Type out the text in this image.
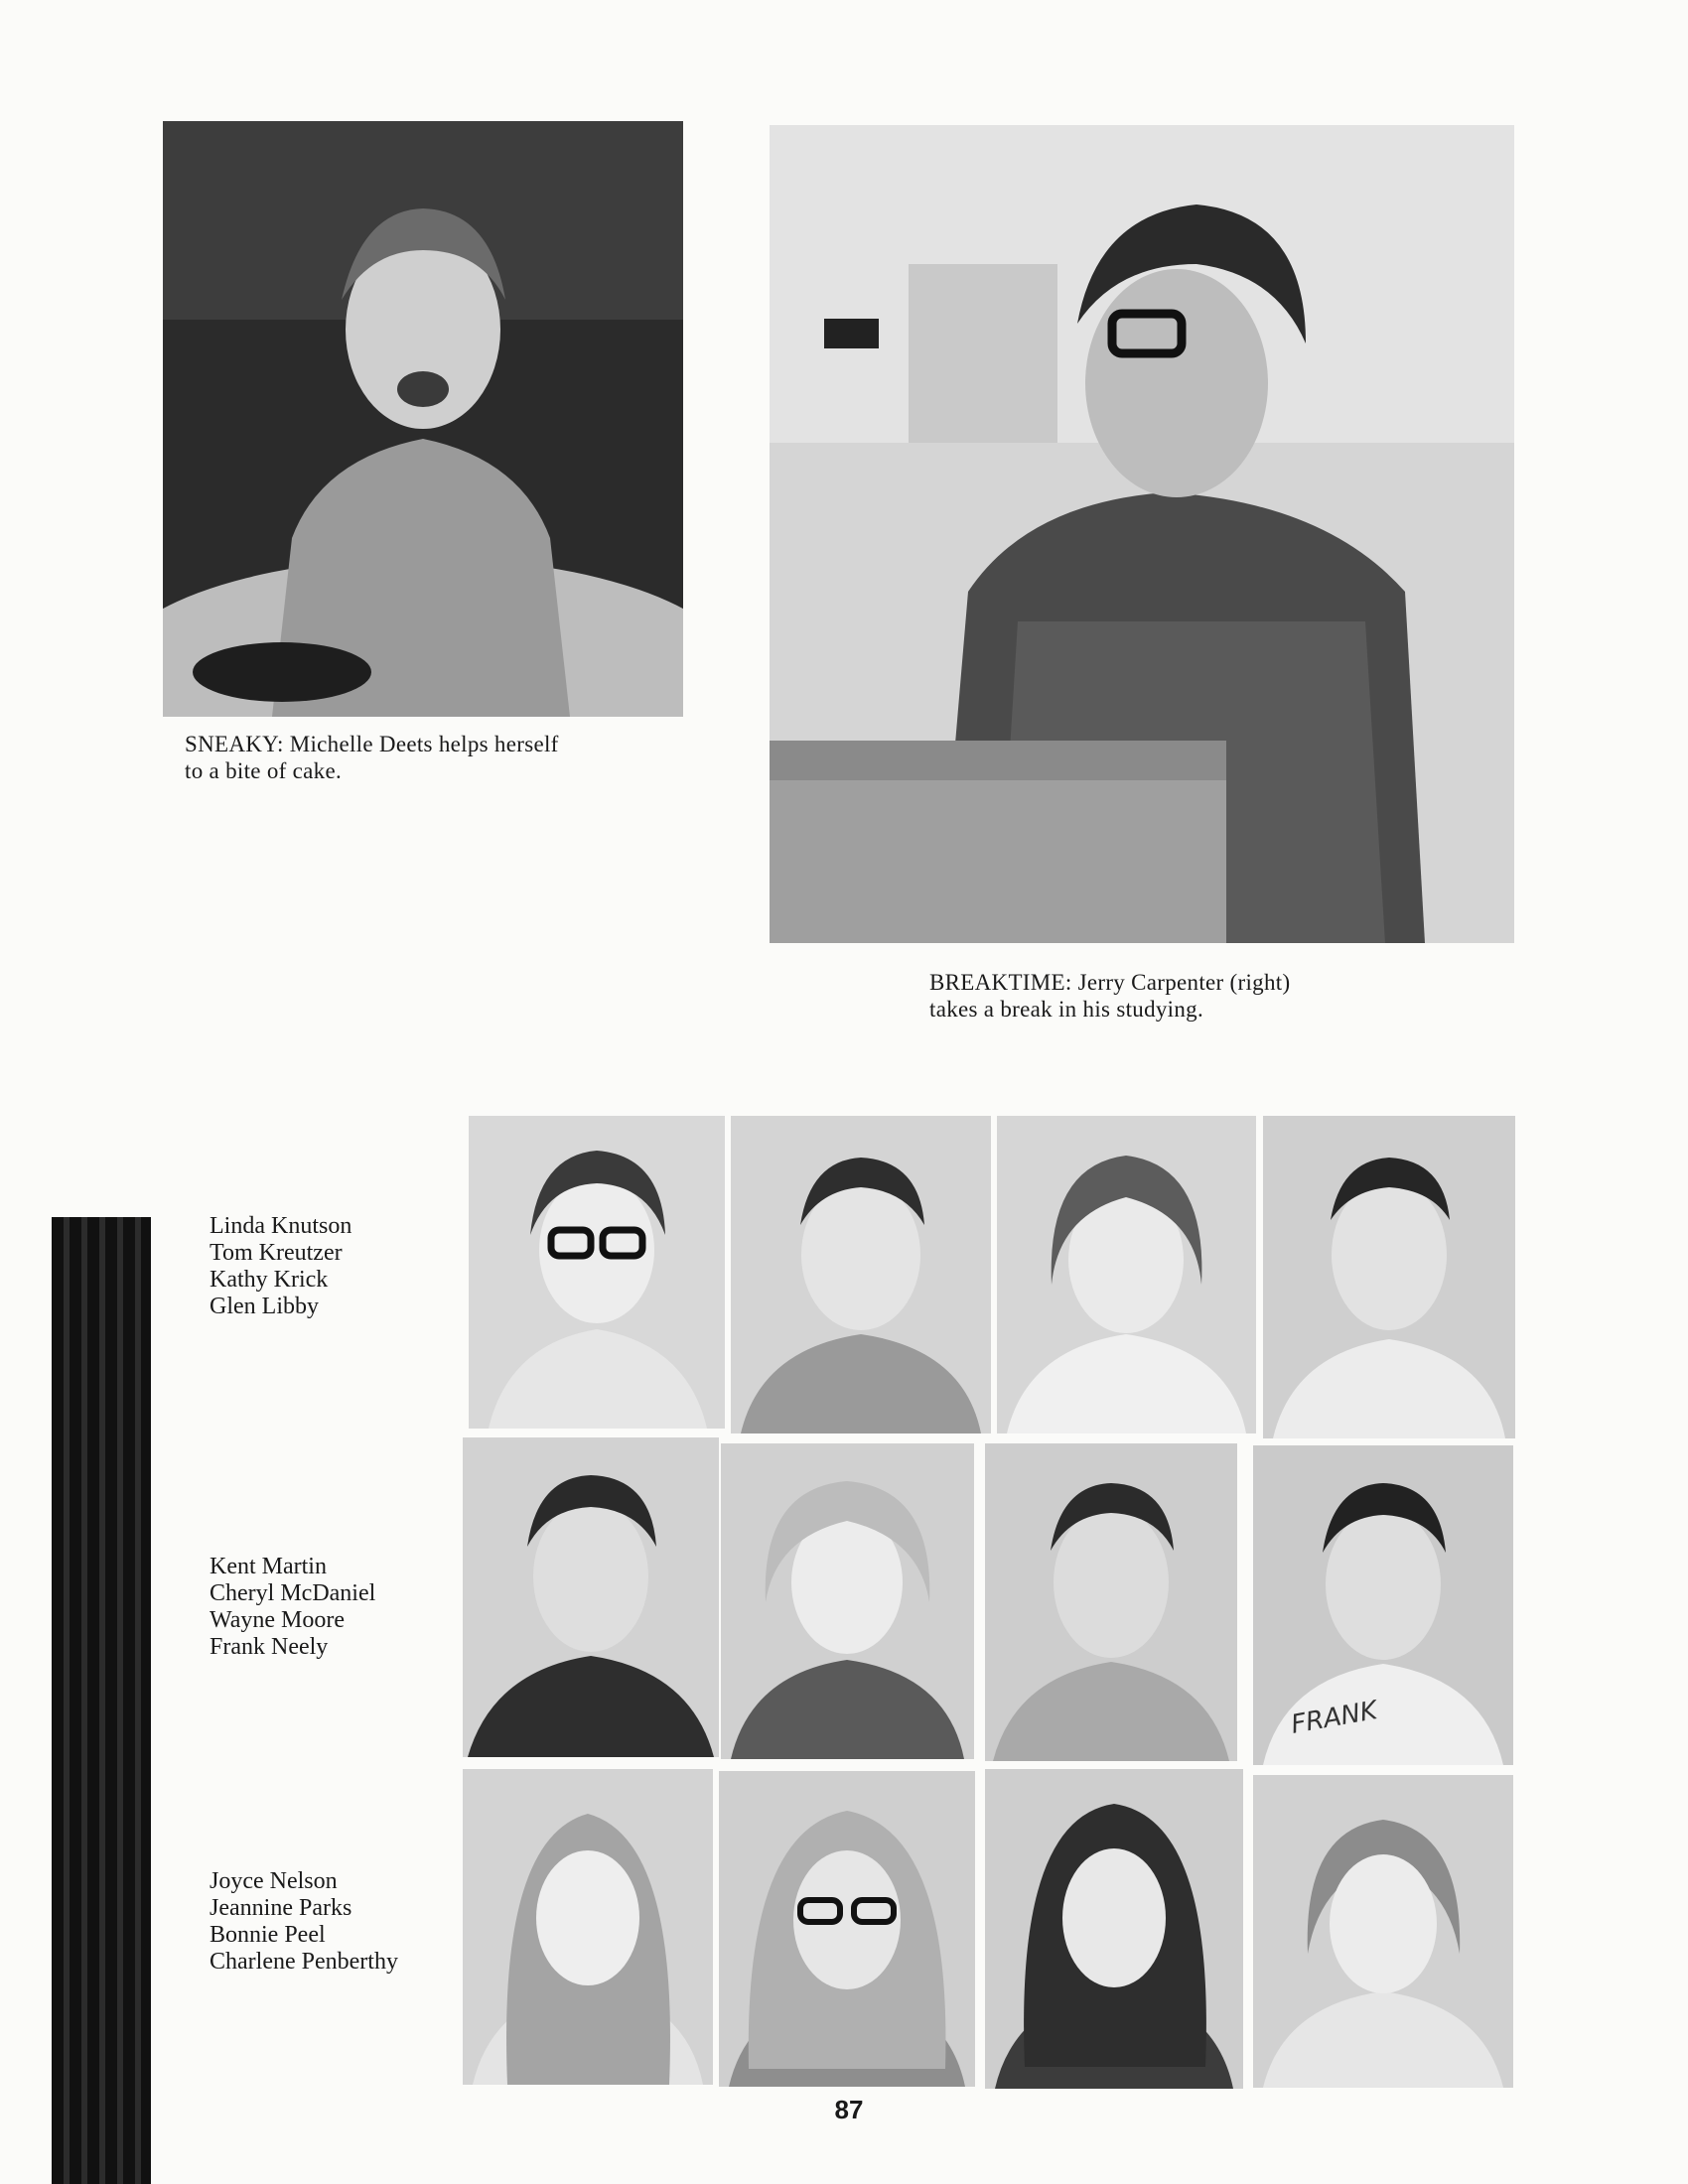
SNEAKY: Michelle Deets helps herself
to a bite of cake.
BREAKTIME: Jerry Carpenter (right)
takes a break in his studying.
Linda Knutson
Tom Kreutzer
Kathy Krick
Glen Libby
Kent Martin
Cheryl McDaniel
Wayne Moore
Frank Neely
Joyce Nelson
Jeannine Parks
Bonnie Peel
Charlene Penberthy
FRANK
87
